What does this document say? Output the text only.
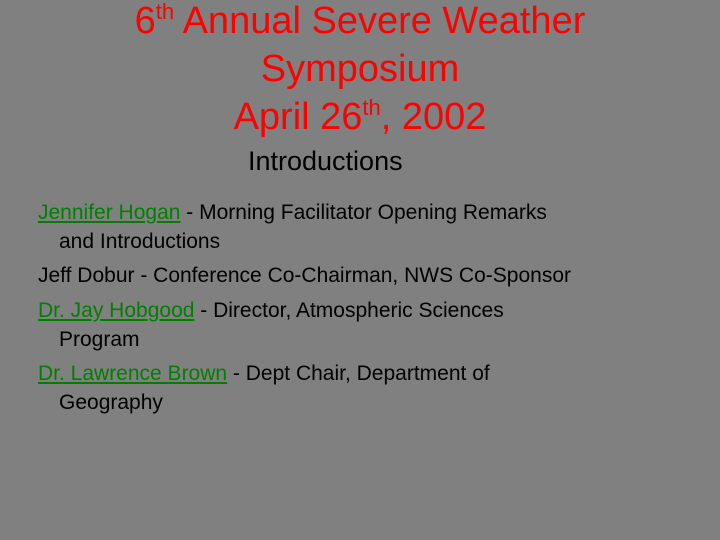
6th Annual Severe Weather
Symposium
April 26th, 2002
Introductions
Jennifer Hogan - Morning Facilitator Opening Remarks
and Introductions
Jeff Dobur - Conference Co-Chairman, NWS Co-Sponsor
Dr. Jay Hobgood - Director, Atmospheric Sciences
Program
Dr. Lawrence Brown - Dept Chair, Department of
Geography
